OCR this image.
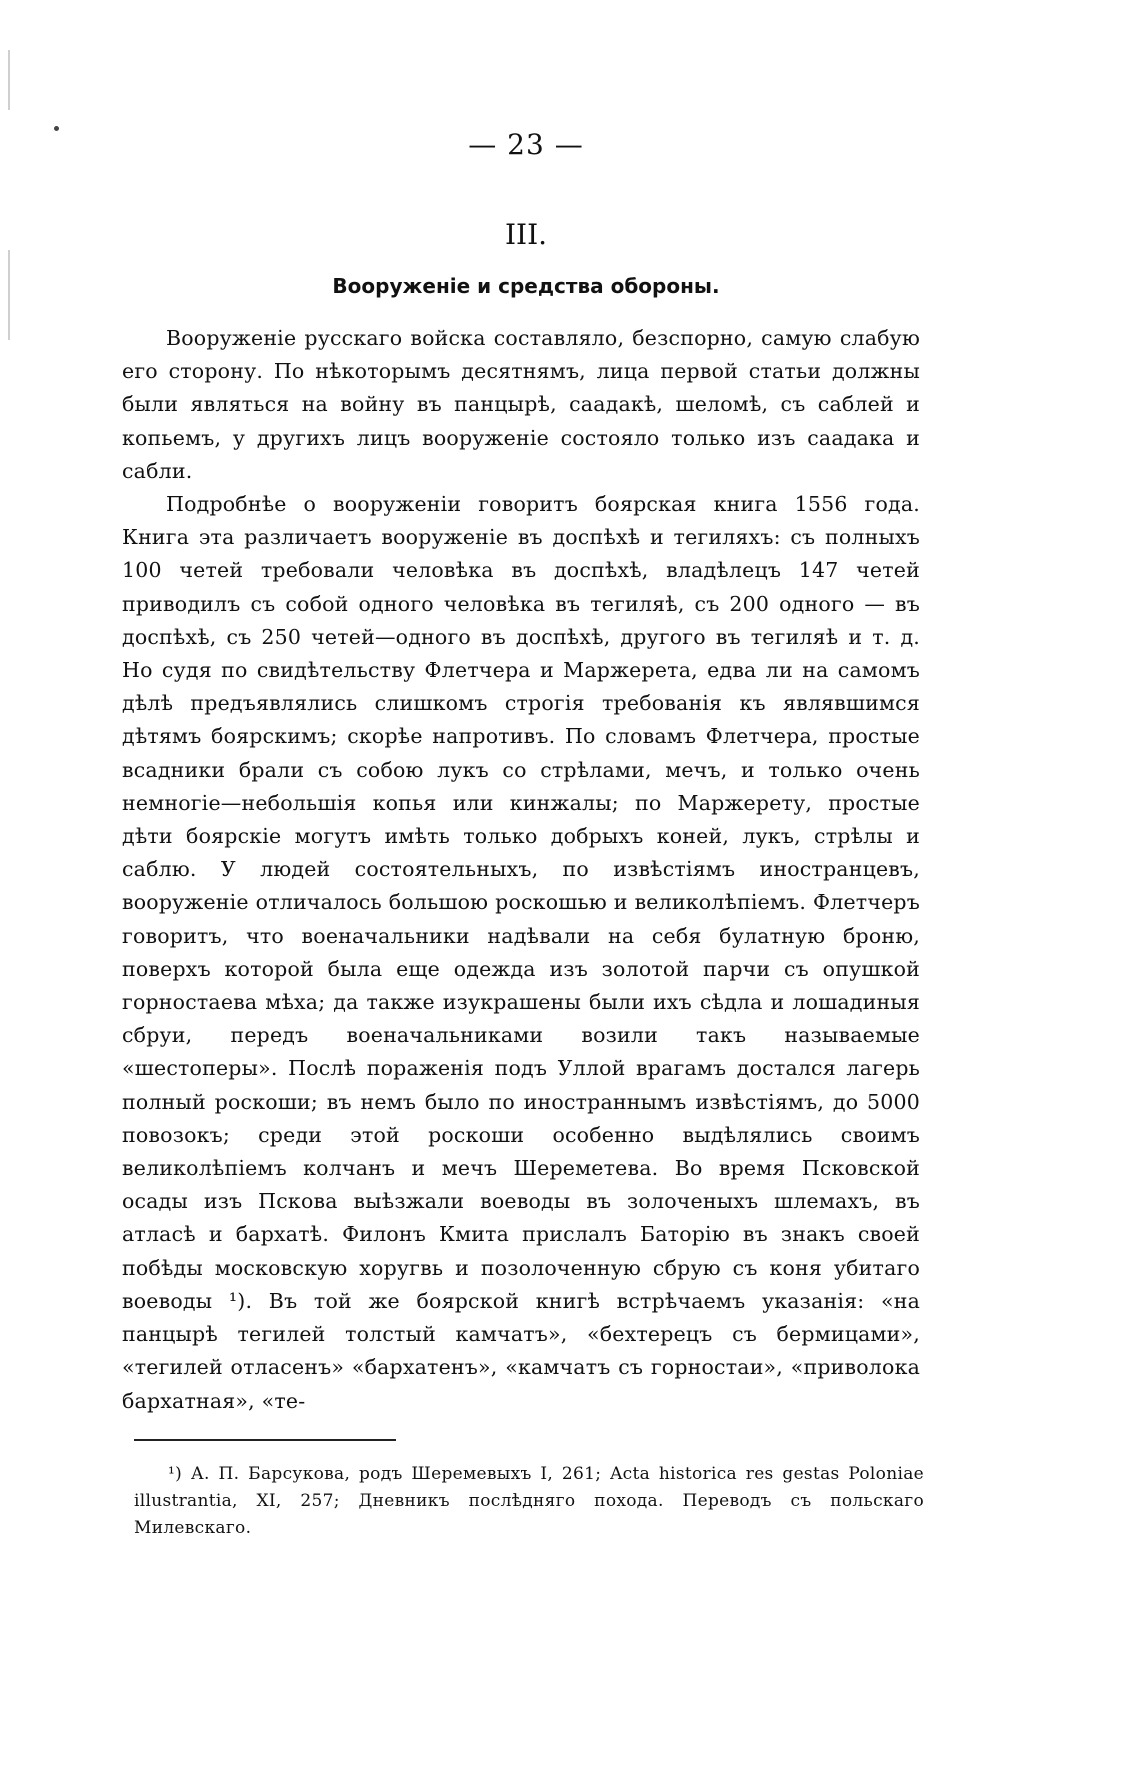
— 23 —
III.
Вооруженіе и средства обороны.

Вооруженіе русскаго войска составляло, безспорно, самую слабую его сторону. По нѣкоторымъ десятнямъ, лица первой статьи должны были являться на войну въ панцырѣ, саадакѣ, шеломѣ, съ саблей и копьемъ, у другихъ лицъ вооруженіе состояло только изъ саадака и сабли.

Подробнѣе о вооруженіи говоритъ боярская книга 1556 года. Книга эта различаетъ вооруженіе въ доспѣхѣ и тегиляхъ: съ полныхъ 100 четей требовали человѣка въ доспѣхѣ, владѣлецъ 147 четей приводилъ съ собой одного человѣка въ тегиляѣ, съ 200 одного — въ доспѣхѣ, съ 250 четей—одного въ доспѣхѣ, другого въ тегиляѣ и т. д. Но судя по свидѣтельству Флетчера и Маржерета, едва ли на самомъ дѣлѣ предъявлялись слишкомъ строгія требованія къ являвшимся дѣтямъ боярскимъ; скорѣе напротивъ. По словамъ Флетчера, простые всадники брали съ собою лукъ со стрѣлами, мечъ, и только очень немногіе—небольшія копья или кинжалы; по Маржерету, простые дѣти боярскіе могутъ имѣть только добрыхъ коней, лукъ, стрѣлы и саблю. У людей состоятельныхъ, по извѣстіямъ иностранцевъ, вооруженіе отличалось большою роскошью и великолѣпіемъ. Флетчеръ говоритъ, что военачальники надѣвали на себя булатную броню, поверхъ которой была еще одежда изъ золотой парчи съ опушкой горностаева мѣха; да также изукрашены были ихъ сѣдла и лошадиныя сбруи, передъ военачальниками возили такъ называемые «шестоперы». Послѣ пораженія подъ Уллой врагамъ достался лагерь полный роскоши; въ немъ было по иностраннымъ извѣстіямъ, до 5000 повозокъ; среди этой роскоши особенно выдѣлялись своимъ великолѣпіемъ колчанъ и мечъ Шереметева. Во время Псковской осады изъ Пскова выѣзжали воеводы въ золоченыхъ шлемахъ, въ атласѣ и бархатѣ. Филонъ Кмита прислалъ Баторію въ знакъ своей побѣды московскую хоругвь и позолоченную сбрую съ коня убитаго воеводы ¹). Въ той же боярской книгѣ встрѣчаемъ указанія: «на панцырѣ тегилей толстый камчатъ», «бехтерецъ съ бермицами», «тегилей отласенъ» «бархатенъ», «камчатъ съ горностаи», «приволока бархатная», «те-

¹) А. П. Барсукова, родъ Шеремевыхъ I, 261; Acta historica res gestas Poloniae illustrantia, XI, 257; Дневникъ послѣдняго похода. Переводъ съ польскаго Милевскаго.
